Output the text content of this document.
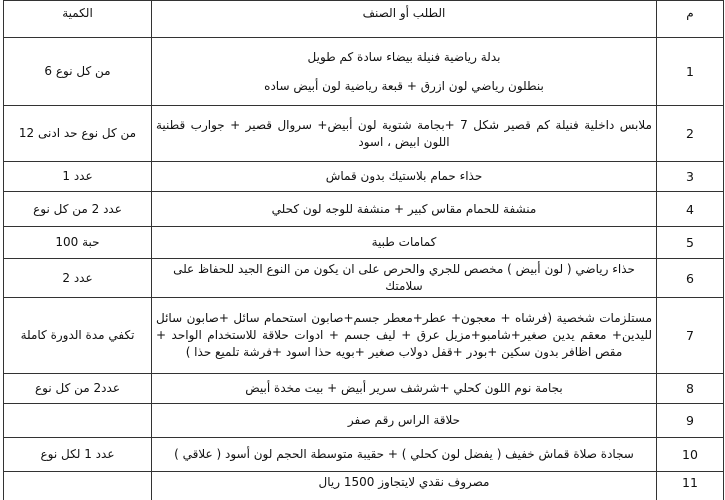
الكمية	الطلب أو الصنف	م
6 من كل نوع	بدلة رياضية فنيلة بيضاء سادة كم طويل
بنطلون رياضي لون ازرق + قبعة رياضية لون أبيض ساده	1
12 من كل نوع حد ادنى	ملابس داخلية فنيلة كم قصير شكل 7 +بجامة شتوية لون أبيض+ سروال قصير + جوارب قطنية اللون ابيض ، اسود	2
عدد 1	حذاء حمام بلاستيك بدون قماش	3
عدد 2 من كل نوع	منشفة للحمام مقاس كبير + منشفة للوجه لون كحلي	4
100 حبة	كمامات طبية	5
عدد 2	حذاء رياضي ( لون أبيض ) مخصص للجري والحرص على ان يكون من النوع الجيد للحفاظ على سلامتك	6
تكفي مدة الدورة كاملة	مستلزمات شخصية (فرشاه + معجون+ عطر+معطر جسم+صابون استحمام سائل +صابون سائل لليدين+ معقم يدين صغير+شامبو+مزيل عرق + ليف جسم + ادوات حلاقة للاستخدام الواحد + مقص اظافر بدون سكين +بودر +قفل دولاب صغير +بويه حذا اسود +فرشة تلميع حذا )	7
عدد2 من كل نوع	بجامة نوم اللون كحلي +شرشف سرير أبيض + بيت مخدة أبيض	8
	حلاقة الراس رقم صفر	9
عدد 1 لكل نوع	سجادة صلاة قماش خفيف ( يفضل لون كحلي ) + حقيبة متوسطة الحجم لون أسود ( علاقي )	10
	مصروف نقدي لايتجاوز 1500 ريال	11
